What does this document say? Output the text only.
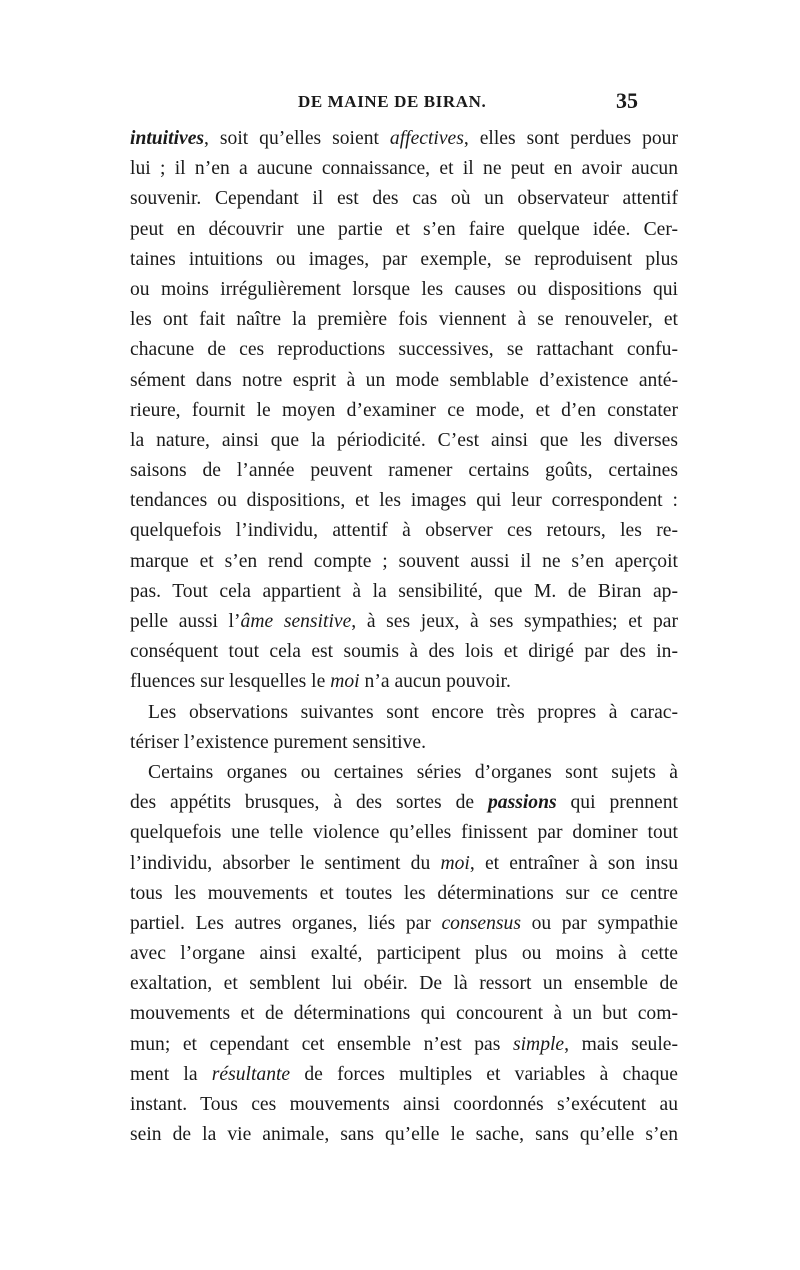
DE MAINE DE BIRAN.	35
intuitives, soit qu’elles soient affectives, elles sont perdues pour
lui ; il n’en a aucune connaissance, et il ne peut en avoir aucun
souvenir. Cependant il est des cas où un observateur attentif
peut en découvrir une partie et s’en faire quelque idée. Cer-
taines intuitions ou images, par exemple, se reproduisent plus
ou moins irrégulièrement lorsque les causes ou dispositions qui
les ont fait naître la première fois viennent à se renouveler, et
chacune de ces reproductions successives, se rattachant confu-
sément dans notre esprit à un mode semblable d’existence anté-
rieure, fournit le moyen d’examiner ce mode, et d’en constater
la nature, ainsi que la périodicité. C’est ainsi que les diverses
saisons de l’année peuvent ramener certains goûts, certaines
tendances ou dispositions, et les images qui leur correspondent :
quelquefois l’individu, attentif à observer ces retours, les re-
marque et s’en rend compte ; souvent aussi il ne s’en aperçoit
pas. Tout cela appartient à la sensibilité, que M. de Biran ap-
pelle aussi l’âme sensitive, à ses jeux, à ses sympathies; et par
conséquent tout cela est soumis à des lois et dirigé par des in-
fluences sur lesquelles le moi n’a aucun pouvoir.
Les observations suivantes sont encore très propres à carac-
tériser l’existence purement sensitive.
Certains organes ou certaines séries d’organes sont sujets à
des appétits brusques, à des sortes de passions qui prennent
quelquefois une telle violence qu’elles finissent par dominer tout
l’individu, absorber le sentiment du moi, et entraîner à son insu
tous les mouvements et toutes les déterminations sur ce centre
partiel. Les autres organes, liés par consensus ou par sympathie
avec l’organe ainsi exalté, participent plus ou moins à cette
exaltation, et semblent lui obéir. De là ressort un ensemble de
mouvements et de déterminations qui concourent à un but com-
mun; et cependant cet ensemble n’est pas simple, mais seule-
ment la résultante de forces multiples et variables à chaque
instant. Tous ces mouvements ainsi coordonnés s’exécutent au
sein de la vie animale, sans qu’elle le sache, sans qu’elle s’en
